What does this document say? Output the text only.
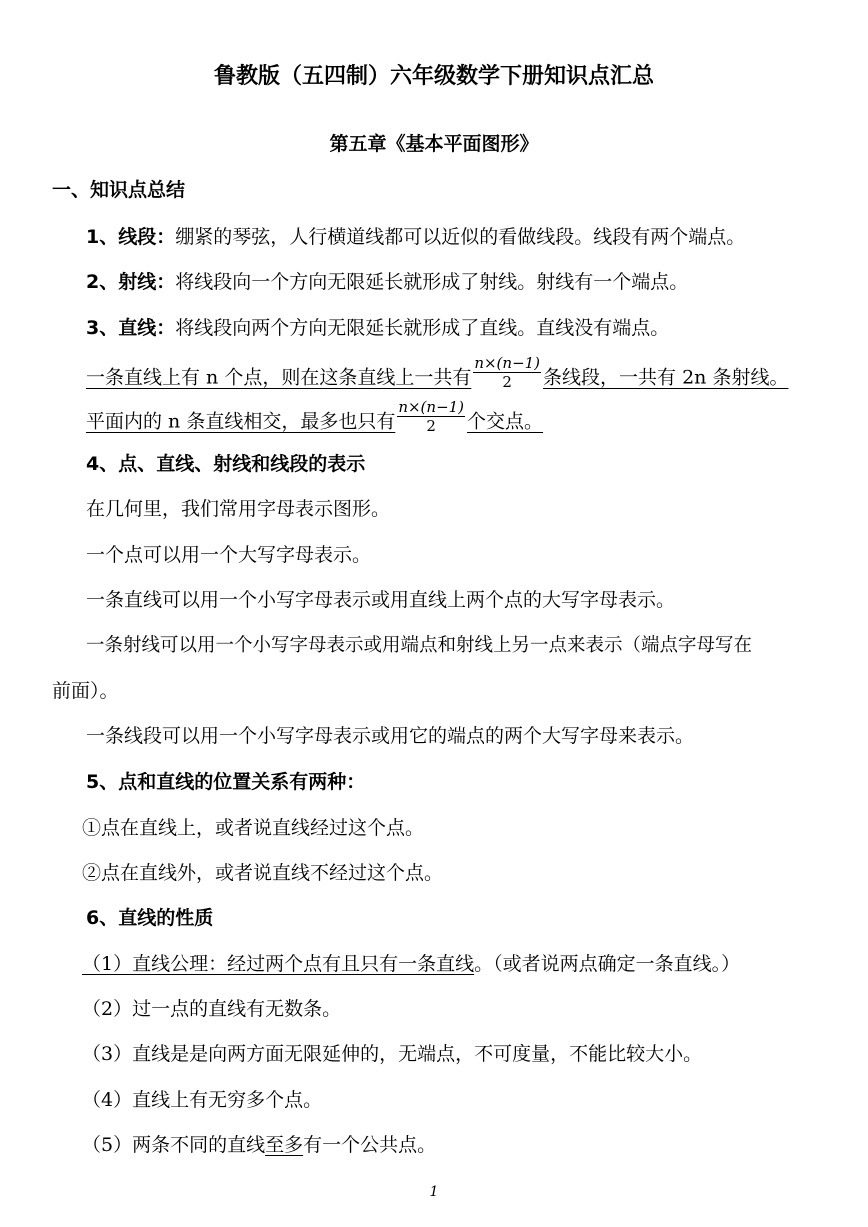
鲁教版（五四制）六年级数学下册知识点汇总
第五章《基本平面图形》
一、知识点总结
1、线段：绷紧的琴弦，人行横道线都可以近似的看做线段。线段有两个端点。
2、射线：将线段向一个方向无限延长就形成了射线。射线有一个端点。
3、直线：将线段向两个方向无限延长就形成了直线。直线没有端点。
一条直线上有 n 个点，则在这条直线上一共有 $\frac{n\times(n-1)}{2}$ 条线段，一共有 2n 条射线。
平面内的 n 条直线相交，最多也只有 $\frac{n\times(n-1)}{2}$ 个交点。
4、点、直线、射线和线段的表示
在几何里，我们常用字母表示图形。
一个点可以用一个大写字母表示。
一条直线可以用一个小写字母表示或用直线上两个点的大写字母表示。
一条射线可以用一个小写字母表示或用端点和射线上另一点来表示（端点字母写在
前面）。
一条线段可以用一个小写字母表示或用它的端点的两个大写字母来表示。
5、点和直线的位置关系有两种：
①点在直线上，或者说直线经过这个点。
②点在直线外，或者说直线不经过这个点。
6、直线的性质
（1）直线公理：经过两个点有且只有一条直线。（或者说两点确定一条直线。）
（2）过一点的直线有无数条。
（3）直线是是向两方面无限延伸的，无端点，不可度量，不能比较大小。
（4）直线上有无穷多个点。
（5）两条不同的直线至多有一个公共点。
1
